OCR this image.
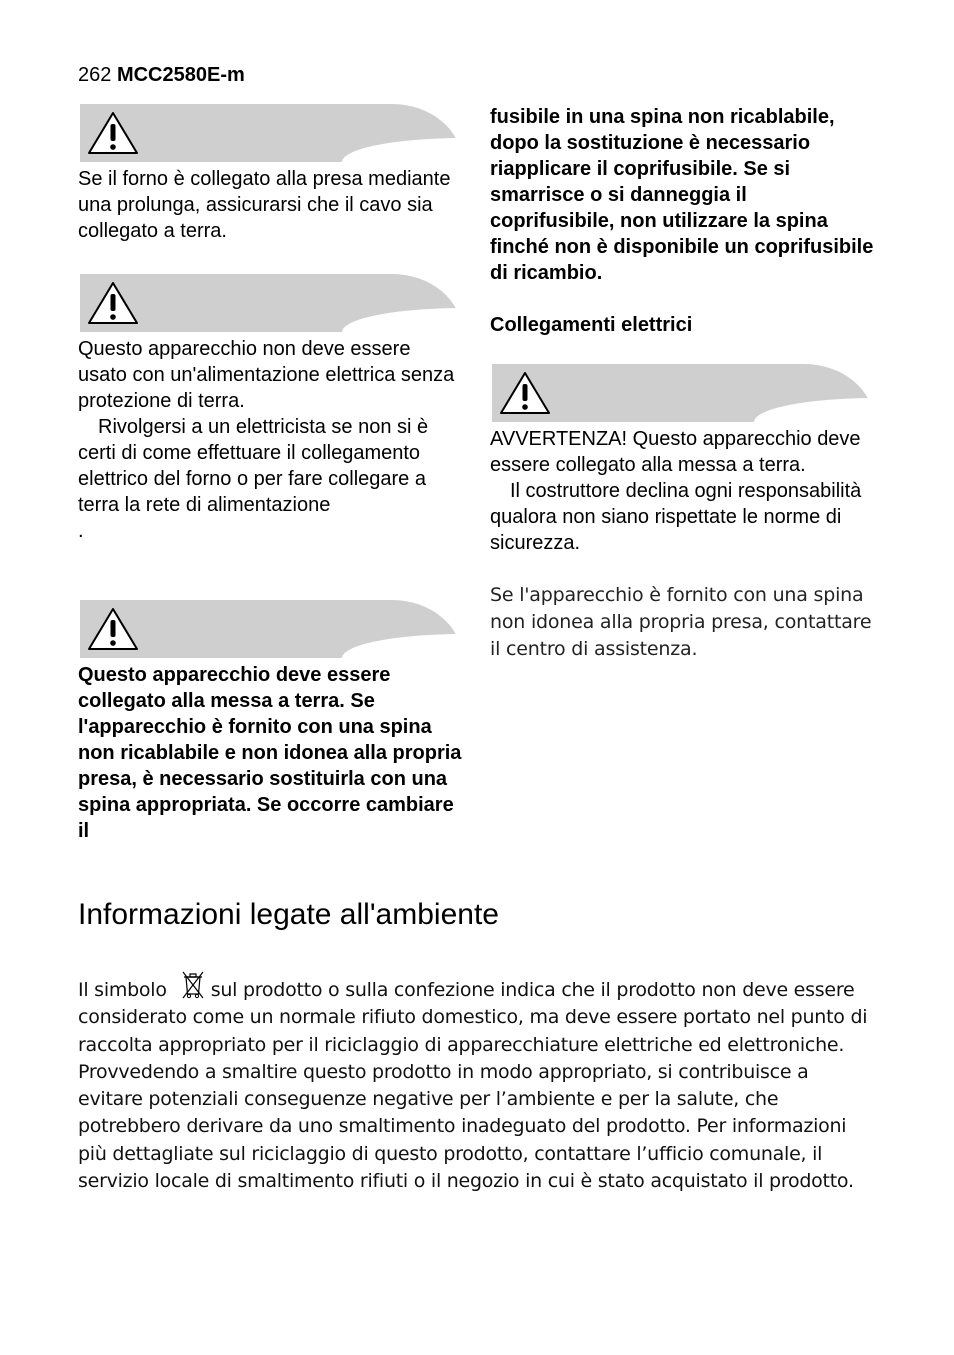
262 MCC2580E-m

Se il forno è collegato alla presa mediante una prolunga, assicurarsi che il cavo sia collegato a terra.

Questo apparecchio non deve essere usato con un'alimentazione elettrica senza protezione di terra.

Rivolgersi a un elettricista se non si è certi di come effettuare il collegamento elettrico del forno o per fare collegare a terra la rete di alimentazione

.

Questo apparecchio deve essere collegato alla messa a terra. Se l'apparecchio è fornito con una spina non ricablabile e non idonea alla propria presa, è necessario sostituirla con una spina appropriata. Se occorre cambiare il

fusibile in una spina non ricablabile, dopo la sostituzione è necessario riapplicare il coprifusibile. Se si smarrisce o si danneggia il coprifusibile, non utilizzare la spina finché non è disponibile un coprifusibile di ricambio.

Collegamenti elettrici

AVVERTENZA! Questo apparecchio deve essere collegato alla messa a terra.

Il costruttore declina ogni responsabilità qualora non siano rispettate le norme di sicurezza.

Se l'apparecchio è fornito con una spina non idonea alla propria presa, contattare il centro di assistenza.

Informazioni legate all'ambiente
Il simbolo sul prodotto o sulla confezione indica che il prodotto non deve essere considerato come un normale rifiuto domestico, ma deve essere portato nel punto di raccolta appropriato per il riciclaggio di apparecchiature elettriche ed elettroniche. Provvedendo a smaltire questo prodotto in modo appropriato, si contribuisce a evitare potenziali conseguenze negative per l’ambiente e per la salute, che potrebbero derivare da uno smaltimento inadeguato del prodotto. Per informazioni più dettagliate sul riciclaggio di questo prodotto, contattare l’ufficio comunale, il servizio locale di smaltimento rifiuti o il negozio in cui è stato acquistato il prodotto.
